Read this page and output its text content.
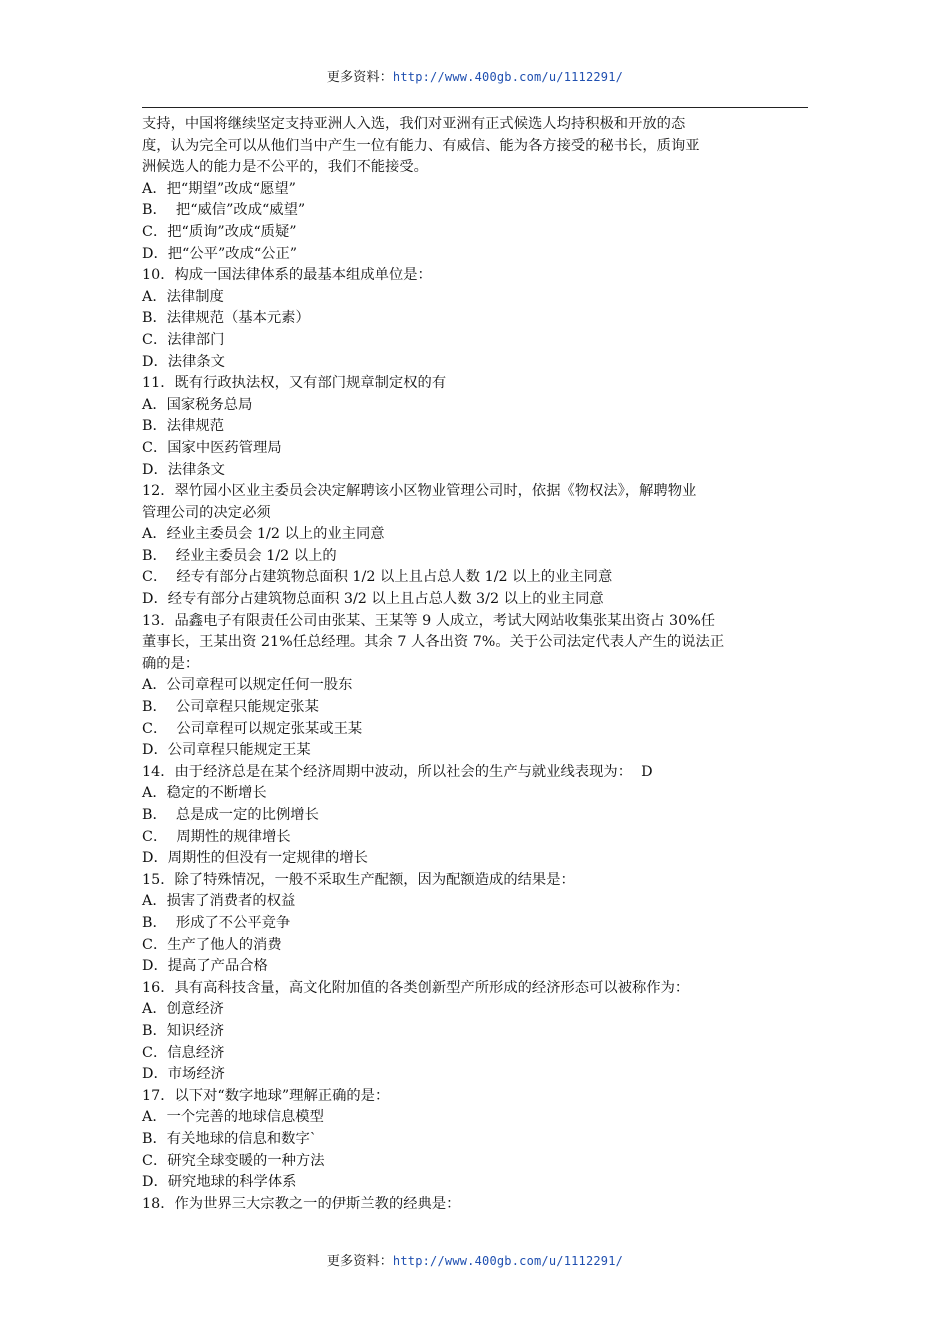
更多资料：http://www.400gb.com/u/1112291/

支持，中国将继续坚定支持亚洲人入选，我们对亚洲有正式候选人均持积极和开放的态

度，认为完全可以从他们当中产生一位有能力、有威信、能为各方接受的秘书长，质询亚

洲候选人的能力是不公平的，我们不能接受。

A．把“期望”改成“愿望”

B．  把“威信”改成“威望”

C．把“质询”改成“质疑”

D．把“公平”改成“公正”

10．构成一国法律体系的最基本组成单位是：

A．法律制度

B．法律规范（基本元素）

C．法律部门

D．法律条文

11．既有行政执法权，又有部门规章制定权的有

A．国家税务总局

B．法律规范

C．国家中医药管理局

D．法律条文

12．翠竹园小区业主委员会决定解聘该小区物业管理公司时，依据《物权法》，解聘物业

管理公司的决定必须

A．经业主委员会 1/2 以上的业主同意

B．  经业主委员会 1/2 以上的

C．  经专有部分占建筑物总面积 1/2 以上且占总人数 1/2 以上的业主同意

D．经专有部分占建筑物总面积 3/2 以上且占总人数 3/2 以上的业主同意

13．品鑫电子有限责任公司由张某、王某等 9 人成立，考试大网站收集张某出资占 30%任

董事长，王某出资 21%任总经理。其余 7 人各出资 7%。关于公司法定代表人产生的说法正

确的是：

A．公司章程可以规定任何一股东

B．  公司章程只能规定张某

C．  公司章程可以规定张某或王某

D．公司章程只能规定王某

14．由于经济总是在某个经济周期中波动，所以社会的生产与就业线表现为：  D

A．稳定的不断增长

B．  总是成一定的比例增长

C．  周期性的规律增长

D．周期性的但没有一定规律的增长

15．除了特殊情况，一般不采取生产配额，因为配额造成的结果是：

A．损害了消费者的权益

B．  形成了不公平竞争

C．生产了他人的消费

D．提高了产品合格

16．具有高科技含量，高文化附加值的各类创新型产所形成的经济形态可以被称作为：

A．创意经济

B．知识经济

C．信息经济

D．市场经济

17．以下对“数字地球”理解正确的是：

A．一个完善的地球信息模型

B．有关地球的信息和数字`

C．研究全球变暖的一种方法

D．研究地球的科学体系

18．作为世界三大宗教之一的伊斯兰教的经典是：

更多资料：http://www.400gb.com/u/1112291/
